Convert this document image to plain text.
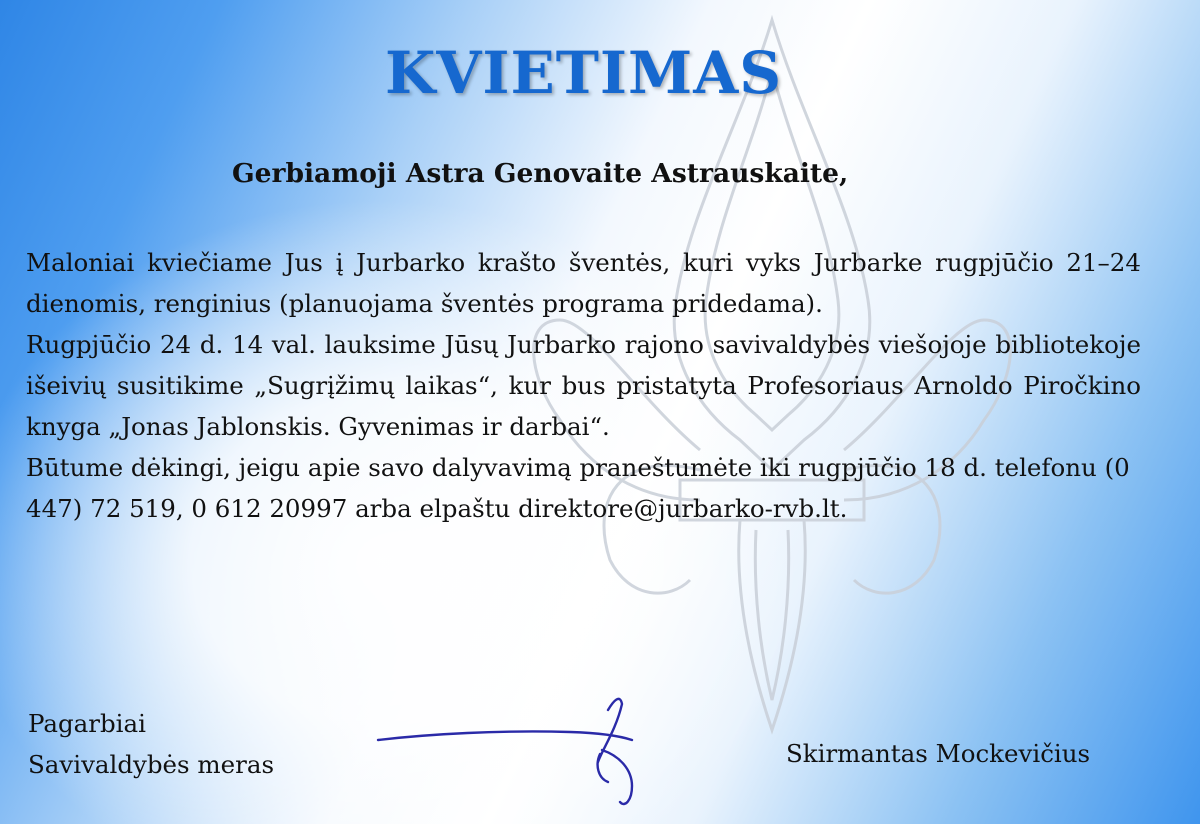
KVIETIMAS

Gerbiamoji Astra Genovaite Astrauskaite,

Maloniai kviečiame Jus į Jurbarko krašto šventės, kuri vyks Jurbarke rugpjūčio 21–24 dienomis, renginius (planuojama šventės programa pridedama).

Rugpjūčio 24 d. 14 val. lauksime Jūsų Jurbarko rajono savivaldybės viešojoje bibliotekoje išeivių susitikime „Sugrįžimų laikas“, kur bus pristatyta Profesoriaus Arnoldo Piročkino knyga „Jonas Jablonskis. Gyvenimas ir darbai“.

Būtume dėkingi, jeigu apie savo dalyvavimą praneštumėte iki rugpjūčio 18 d. telefonu (0 447) 72 519, 0 612 20997 arba elpaštu direktore@jurbarko-rvb.lt.

Pagarbiai
Savivaldybės meras	Skirmantas Mockevičius
